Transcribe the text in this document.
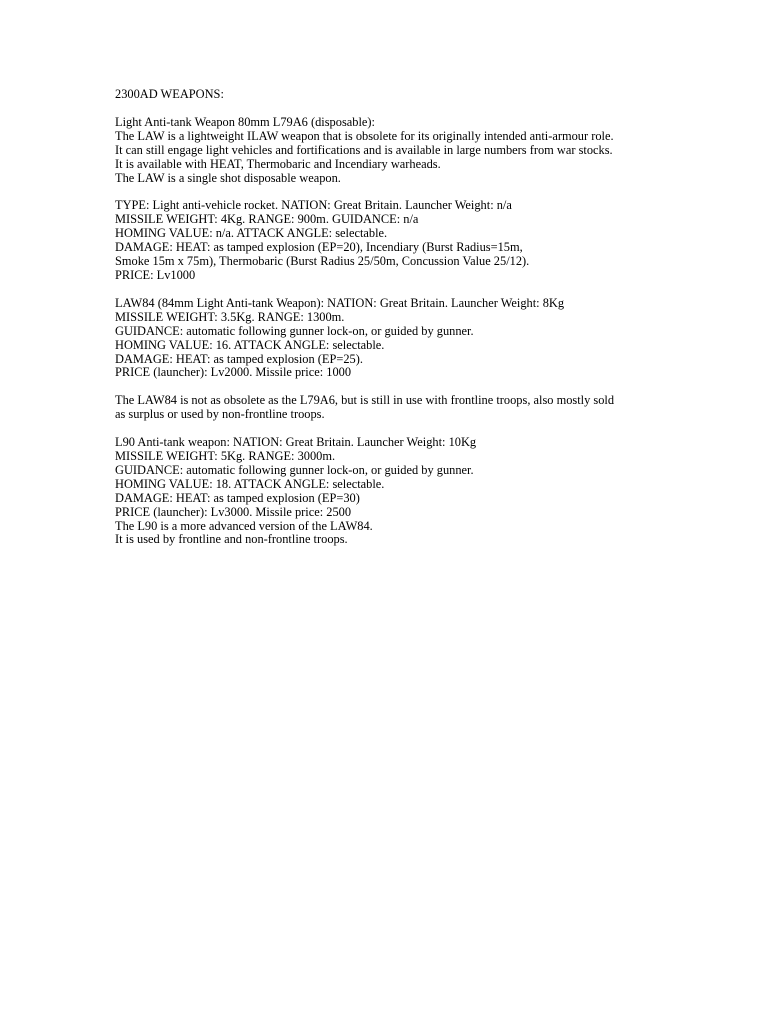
2300AD WEAPONS:
Light Anti-tank Weapon 80mm L79A6 (disposable):
The LAW is a lightweight ILAW weapon that is obsolete for its originally intended anti-armour role.
It can still engage light vehicles and fortifications and is available in large numbers from war stocks.
It is available with HEAT, Thermobaric and Incendiary warheads.
The LAW is a single shot disposable weapon.
TYPE: Light anti-vehicle rocket. NATION: Great Britain. Launcher Weight: n/a
MISSILE WEIGHT: 4Kg. RANGE: 900m. GUIDANCE: n/a
HOMING VALUE: n/a. ATTACK ANGLE: selectable.
DAMAGE: HEAT: as tamped explosion (EP=20), Incendiary (Burst Radius=15m,
Smoke 15m x 75m), Thermobaric (Burst Radius 25/50m, Concussion Value 25/12).
PRICE: Lv1000
LAW84 (84mm Light Anti-tank Weapon): NATION: Great Britain. Launcher Weight: 8Kg
MISSILE WEIGHT: 3.5Kg. RANGE: 1300m.
GUIDANCE: automatic following gunner lock-on, or guided by gunner.
HOMING VALUE: 16. ATTACK ANGLE: selectable.
DAMAGE: HEAT: as tamped explosion (EP=25).
PRICE (launcher): Lv2000. Missile price: 1000
The LAW84 is not as obsolete as the L79A6, but is still in use with frontline troops, also mostly sold
as surplus or used by non-frontline troops.
L90 Anti-tank weapon: NATION: Great Britain. Launcher Weight: 10Kg
MISSILE WEIGHT: 5Kg. RANGE: 3000m.
GUIDANCE: automatic following gunner lock-on, or guided by gunner.
HOMING VALUE: 18. ATTACK ANGLE: selectable.
DAMAGE: HEAT: as tamped explosion (EP=30)
PRICE (launcher): Lv3000. Missile price: 2500
The L90 is a more advanced version of the LAW84.
It is used by frontline and non-frontline troops.
